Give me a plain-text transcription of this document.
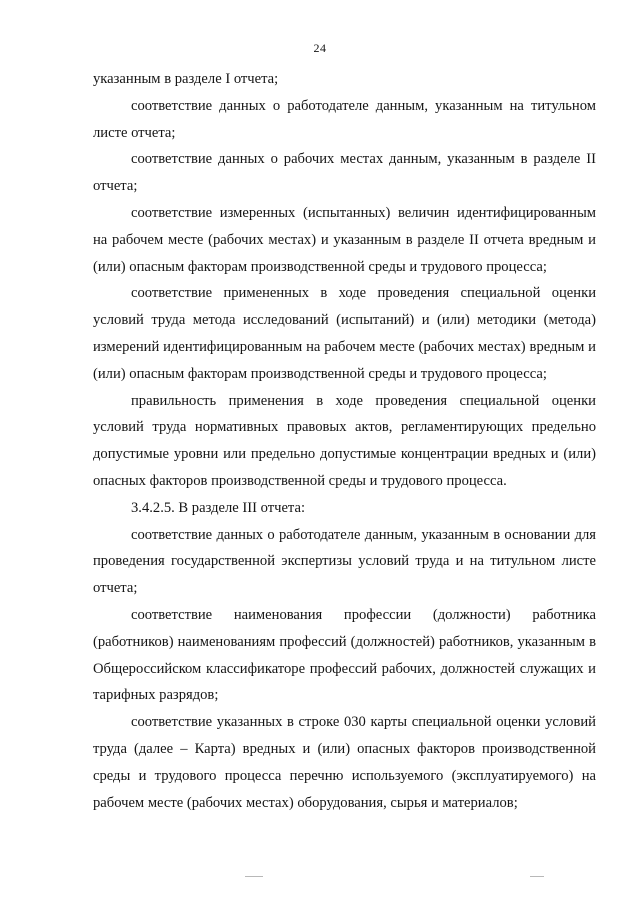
24

указанным в разделе I отчета;

соответствие данных о работодателе данным, указанным на титульном листе отчета;

соответствие данных о рабочих местах данным, указанным в разделе II отчета;

соответствие измеренных (испытанных) величин идентифицированным на рабочем месте (рабочих местах) и указанным в разделе II отчета вредным и (или) опасным факторам производственной среды и трудового процесса;

соответствие примененных в ходе проведения специальной оценки условий труда метода исследований (испытаний) и (или) методики (метода) измерений идентифицированным на рабочем месте (рабочих местах) вредным и (или) опасным факторам производственной среды и трудового процесса;

правильность применения в ходе проведения специальной оценки условий труда нормативных правовых актов, регламентирующих предельно допустимые уровни или предельно допустимые концентрации вредных и (или) опасных факторов производственной среды и трудового процесса.

3.4.2.5. В разделе III отчета:

соответствие данных о работодателе данным, указанным в основании для проведения государственной экспертизы условий труда и на титульном листе отчета;

соответствие наименования профессии (должности) работника (работников) наименованиям профессий (должностей) работников, указанным в Общероссийском классификаторе профессий рабочих, должностей служащих и тарифных разрядов;

соответствие указанных в строке 030 карты специальной оценки условий труда (далее – Карта) вредных и (или) опасных факторов производственной среды и трудового процесса перечню используемого (эксплуатируемого) на рабочем месте (рабочих местах) оборудования, сырья и материалов;
